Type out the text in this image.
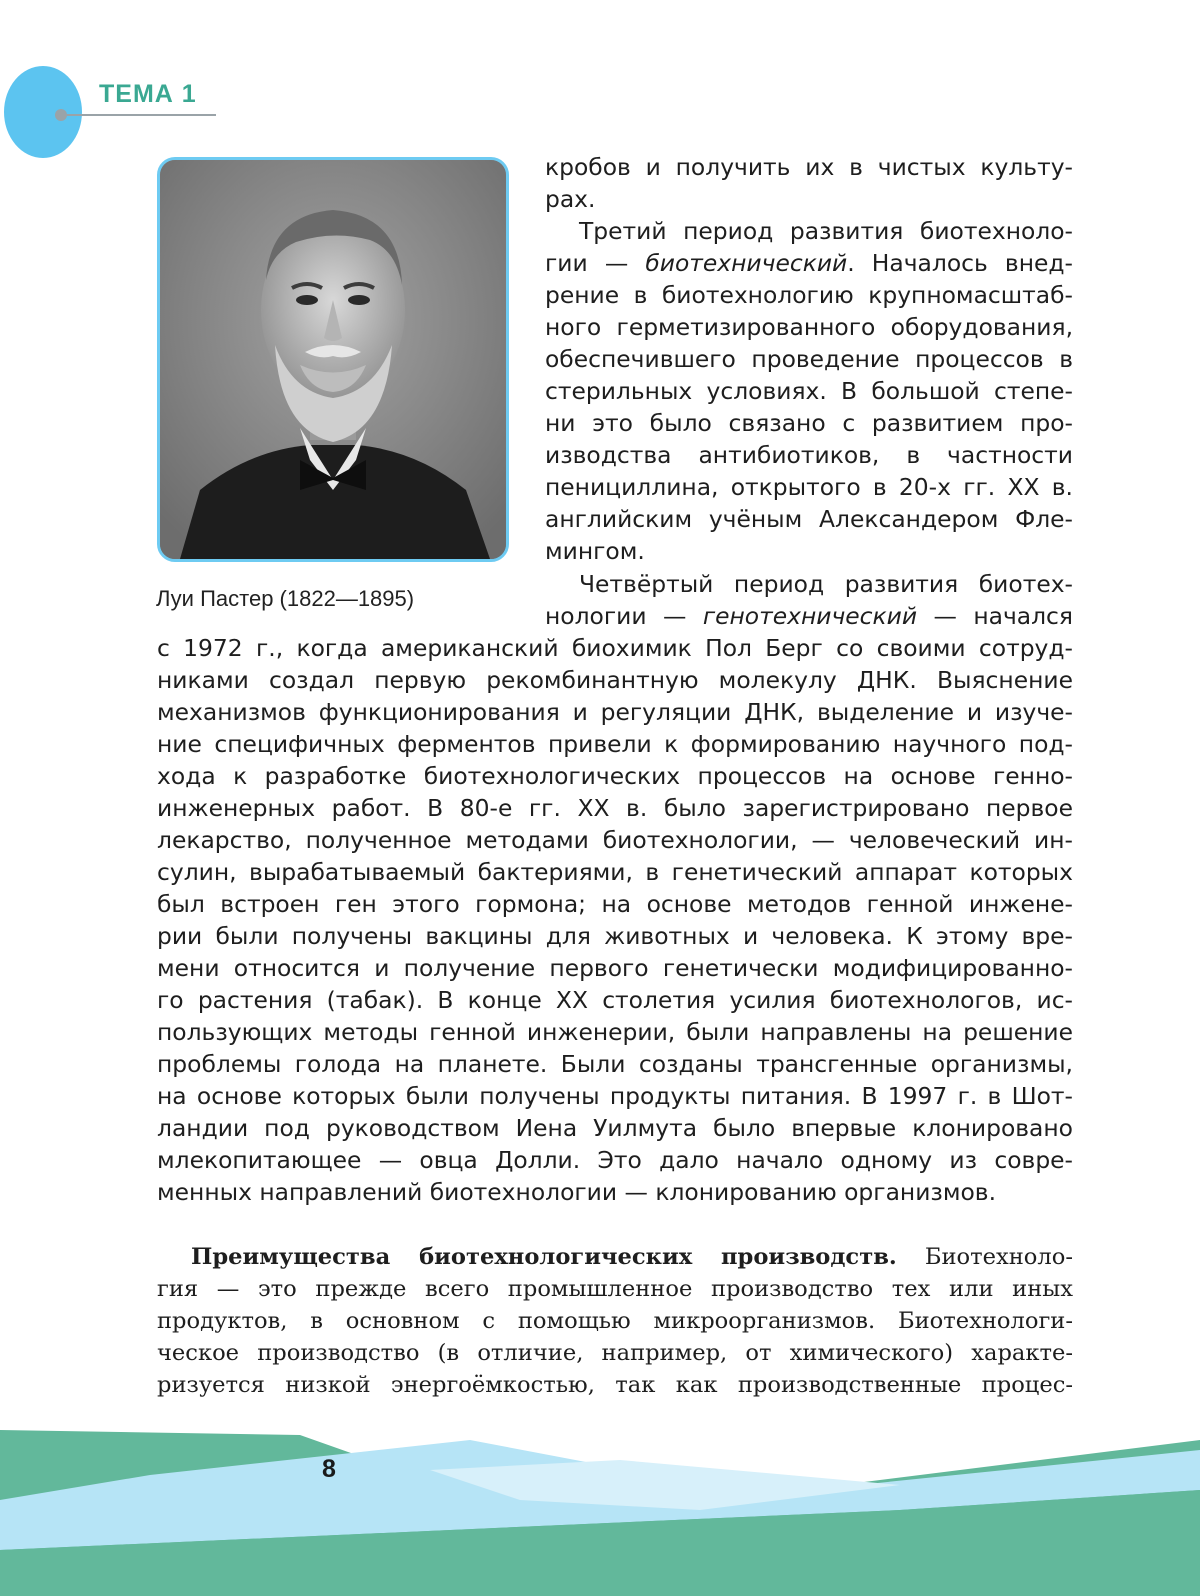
ТЕМА 1
Луи Пастер (1822—1895)
кробов и получить их в чистых культу-
рах.
Третий период развития биотехноло-
гии — биотехнический. Началось внед-
рение в биотехнологию крупномасштаб-
ного герметизированного оборудования,
обеспечившего проведение процессов в
стерильных условиях. В большой степе-
ни это было связано с развитием про-
изводства антибиотиков, в частности
пенициллина, открытого в 20-х гг. XX в.
английским учёным Александером Фле-
мингом.
Четвёртый период развития биотех-
нологии — генотехнический — начался
с 1972 г., когда американский биохимик Пол Берг со своими сотруд-
никами создал первую рекомбинантную молекулу ДНК. Выяснение
механизмов функционирования и регуляции ДНК, выделение и изуче-
ние специфичных ферментов привели к формированию научного под-
хода к разработке биотехнологических процессов на основе генно-
инженерных работ. В 80-е гг. XX в. было зарегистрировано первое
лекарство, полученное методами биотехнологии, — человеческий ин-
сулин, вырабатываемый бактериями, в генетический аппарат которых
был встроен ген этого гормона; на основе методов генной инжене-
рии были получены вакцины для животных и человека. К этому вре-
мени относится и получение первого генетически модифицированно-
го растения (табак). В конце XX столетия усилия биотехнологов, ис-
пользующих методы генной инженерии, были направлены на решение
проблемы голода на планете. Были созданы трансгенные организмы,
на основе которых были получены продукты питания. В 1997 г. в Шот-
ландии под руководством Иена Уилмута было впервые клонировано
млекопитающее — овца Долли. Это дало начало одному из совре-
менных направлений биотехнологии — клонированию организмов.
Преимущества биотехнологических производств. Биотехноло-
гия — это прежде всего промышленное производство тех или иных
продуктов, в основном с помощью микроорганизмов. Биотехнологи-
ческое производство (в отличие, например, от химического) характе-
ризуется низкой энергоёмкостью, так как производственные процес-
8
